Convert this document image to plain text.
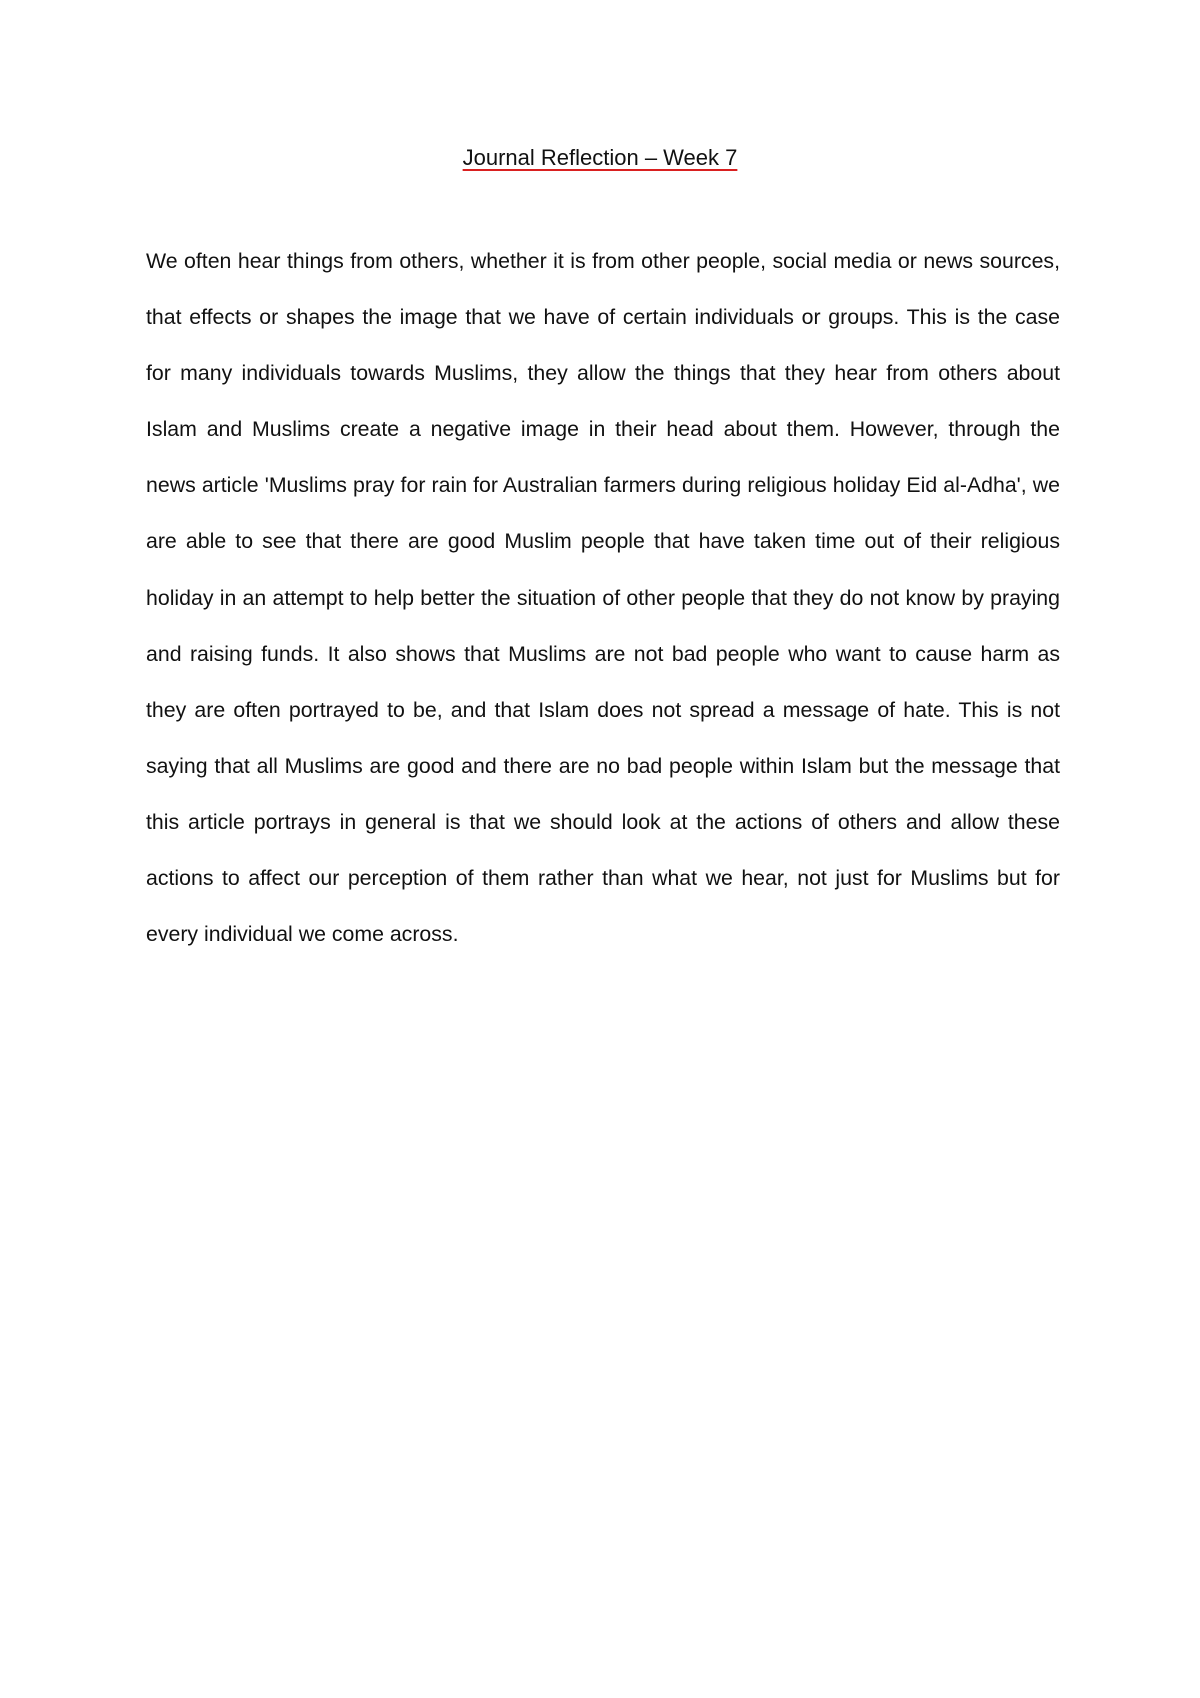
Journal Reflection – Week 7

We often hear things from others, whether it is from other people, social media or news sources, that effects or shapes the image that we have of certain individuals or groups. This is the case for many individuals towards Muslims, they allow the things that they hear from others about Islam and Muslims create a negative image in their head about them. However, through the news article 'Muslims pray for rain for Australian farmers during religious holiday Eid al-Adha', we are able to see that there are good Muslim people that have taken time out of their religious holiday in an attempt to help better the situation of other people that they do not know by praying and raising funds. It also shows that Muslims are not bad people who want to cause harm as they are often portrayed to be, and that Islam does not spread a message of hate. This is not saying that all Muslims are good and there are no bad people within Islam but the message that this article portrays in general is that we should look at the actions of others and allow these actions to affect our perception of them rather than what we hear, not just for Muslims but for every individual we come across.
